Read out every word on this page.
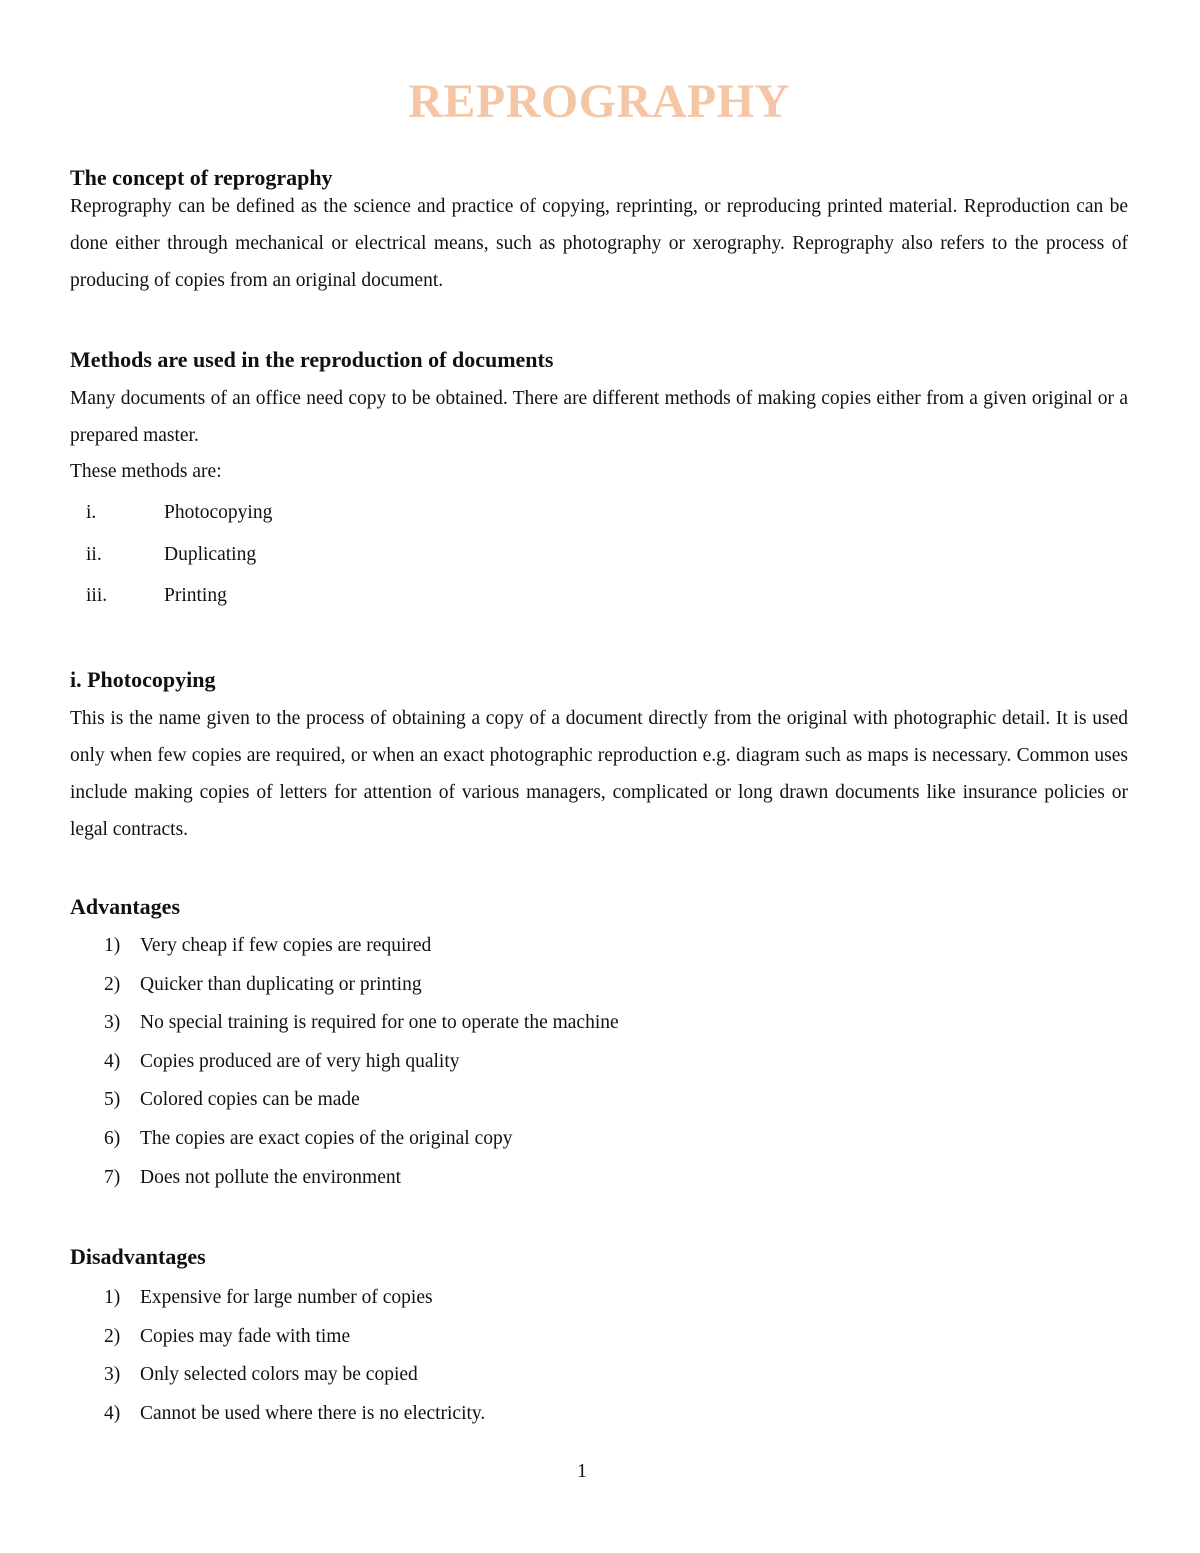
REPROGRAPHY
The concept of reprography

Reprography can be defined as the science and practice of copying, reprinting, or reproducing printed material. Reproduction can be done either through mechanical or electrical means, such as photography or xerography. Reprography also refers to the process of producing of copies from an original document.

Methods are used in the reproduction of documents

Many documents of an office need copy to be obtained. There are different methods of making copies either from a given original or a prepared master.

These methods are:

i.	Photocopying
ii.	Duplicating
iii.	Printing
i. Photocopying

This is the name given to the process of obtaining a copy of a document directly from the original with photographic detail. It is used only when few copies are required, or when an exact photographic reproduction e.g. diagram such as maps is necessary. Common uses include making copies of letters for attention of various managers, complicated or long drawn documents like insurance policies or legal contracts.

Advantages
1) Very cheap if few copies are required
2) Quicker than duplicating or printing
3) No special training is required for one to operate the machine
4) Copies produced are of very high quality
5) Colored copies can be made
6) The copies are exact copies of the original copy
7) Does not pollute the environment
Disadvantages
1) Expensive for large number of copies
2) Copies may fade with time
3) Only selected colors may be copied
4) Cannot be used where there is no electricity.
1
